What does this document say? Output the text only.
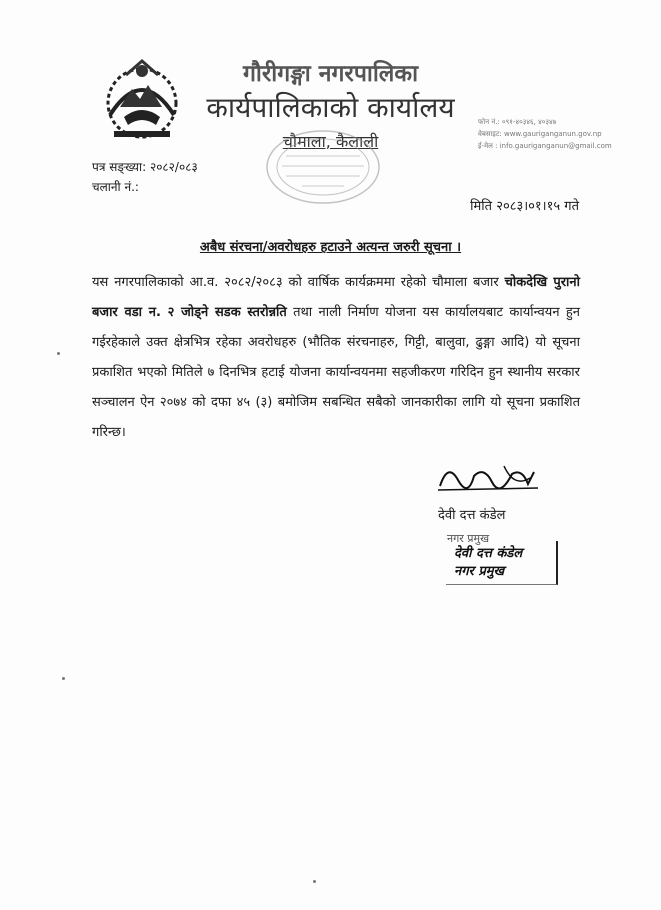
गौरीगङ्गा नगरपालिका
कार्यपालिकाको कार्यालय
चौमाला, कैलाली
फोन नं.: ०९१-४०३४६, ४०३४७
वेबसाइट: www.gauriganganun.gov.np
ई-मेल : info.gauriganganun@gmail.com
पत्र सङ्ख्या: २०८२/०८३
चलानी नं.:
मिति २०८३।०१।१५ गते
अबैध संरचना/अवरोधहरु हटाउने अत्यन्त जरुरी सूचना ।
यस नगरपालिकाको आ.व. २०८२/२०८३ को वार्षिक कार्यक्रममा रहेको चौमाला बजार चोकदेखि पुरानो बजार वडा न. २ जोड्ने सडक स्तरोन्नति तथा नाली निर्माण योजना यस कार्यालयबाट कार्यान्वयन हुन गईरहेकाले उक्त क्षेत्रभित्र रहेका अवरोधहरु (भौतिक संरचनाहरु, गिट्टी, बालुवा, ढुङ्गा आदि) यो सूचना प्रकाशित भएको मितिले ७ दिनभित्र हटाई योजना कार्यान्वयनमा सहजीकरण गरिदिन हुन स्थानीय सरकार सञ्चालन ऐन २०७४ को दफा ४५ (३) बमोजिम सबन्धित सबैको जानकारीका लागि यो सूचना प्रकाशित गरिन्छ।
देवी दत्त कंडेल
नगर प्रमुख
देवी दत्त कंडेल
नगर प्रमुख
